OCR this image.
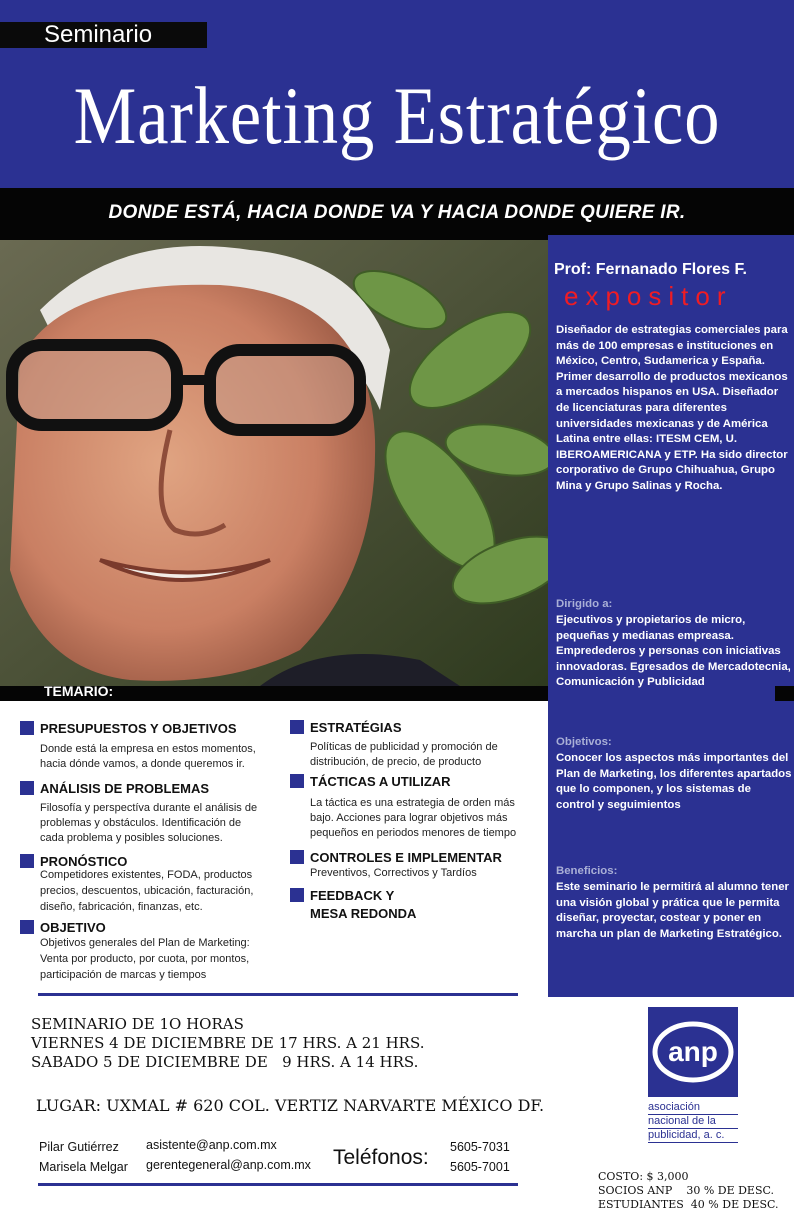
Seminario
Marketing Estratégico
DONDE ESTÁ, HACIA DONDE VA Y HACIA DONDE QUIERE IR.
Prof: Fernanado Flores F.
expositor
Diseñador de estrategias comerciales para más de 100 empresas e instituciones en México, Centro, Sudamerica y España. Primer desarrollo de productos mexicanos a mercados hispanos en USA. Diseñador de licenciaturas para diferentes universidades mexicanas y de América Latina entre ellas: ITESM CEM, U. IBEROAMERICANA y ETP. Ha sido director corporativo de Grupo Chihuahua, Grupo Mina y Grupo Salinas y Rocha.
Dirigido a:
Ejecutivos y propietarios de micro, pequeñas y medianas empreasa. Empredederos y personas con iniciativas innovadoras. Egresados de Mercadotecnia, Comunicación y Publicidad
Objetivos:
Conocer los aspectos más importantes del Plan de Marketing, los diferentes apartados que lo componen, y los sistemas de control y seguimientos
Beneficios:
Este seminario le permitirá al alumno tener una visión global y prática que le permita diseñar, proyectar, costear y poner en marcha un plan de Marketing Estratégico.
TEMARIO:
PRESUPUESTOS Y OBJETIVOS
Donde está la empresa en estos momentos,
hacia dónde vamos, a donde queremos ir.
ANÁLISIS DE PROBLEMAS
Filosofía y perspectíva durante el análisis de
problemas y obstáculos. Identificación de
cada problema y posibles soluciones.
PRONÓSTICO
Competidores existentes, FODA, productos
precios, descuentos, ubicación, facturación,
diseño, fabricación, finanzas, etc.
OBJETIVO
Objetivos generales del Plan de Marketing:
Venta por producto, por cuota, por montos,
participación de marcas y tiempos
ESTRATÉGIAS
Políticas de publicidad y promoción de
distribución, de precio, de producto
TÁCTICAS A UTILIZAR
La táctica es una estrategia de orden más
bajo. Acciones para lograr objetivos más
pequeños en periodos menores de tiempo
CONTROLES E IMPLEMENTAR
Preventivos, Correctivos y Tardíos
FEEDBACK Y
MESA REDONDA
SEMINARIO DE 1O HORAS
VIERNES 4 DE DICIEMBRE DE 17 HRS. A 21 HRS.
SABADO 5 DE DICIEMBRE DE   9 HRS. A 14 HRS.
LUGAR: UXMAL # 620 COL. VERTIZ NARVARTE MÉXICO DF.
Pilar Gutiérrez
Marisela Melgar
asistente@anp.com.mx
gerentegeneral@anp.com.mx Teléfonos: 5605-7031
5605-7001
anp
asociación
nacional de la
publicidad, a. c.
COSTO: $ 3,000
SOCIOS ANP    30 % DE DESC.
ESTUDIANTES  40 % DE DESC.
